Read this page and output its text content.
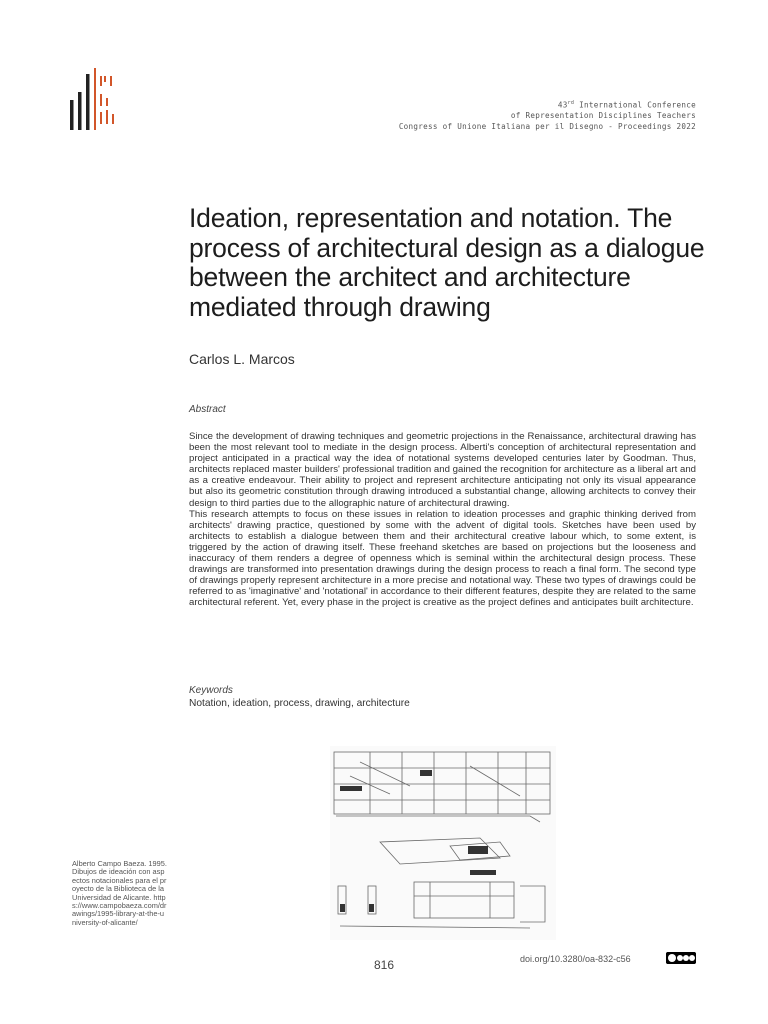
43rd International Conference
of Representation Disciplines Teachers
Congress of Unione Italiana per il Disegno - Proceedings 2022
Ideation, representation and notation. The process of architectural design as a dialogue between the architect and architecture mediated through drawing
Carlos L. Marcos
Abstract

Since the development of drawing techniques and geometric projections in the Renaissance, architectural drawing has been the most relevant tool to mediate in the design process. Alberti's conception of architectural representation and project anticipated in a practical way the idea of notational systems developed centuries later by Goodman. Thus, architects replaced master builders' professional tradition and gained the recognition for architecture as a liberal art and as a creative endeavour. Their ability to project and represent architecture anticipating not only its visual appearance but also its geometric constitution through drawing introduced a substantial change, allowing architects to convey their design to third parties due to the allographic nature of architectural drawing.

This research attempts to focus on these issues in relation to ideation processes and graphic thinking derived from architects' drawing practice, questioned by some with the advent of digital tools. Sketches have been used by architects to establish a dialogue between them and their architectural creative labour which, to some extent, is triggered by the action of drawing itself. These freehand sketches are based on projections but the looseness and inaccuracy of them renders a degree of openness which is seminal within the architectural design process. These drawings are transformed into presentation drawings during the design process to reach a final form. The second type of drawings properly represent architecture in a more precise and notational way. These two types of drawings could be referred to as 'imaginative' and 'notational' in accordance to their different features, despite they are related to the same architectural referent. Yet, every phase in the project is creative as the project defines and anticipates built architecture.

Keywords
Notation, ideation, process, drawing, architecture
Alberto Campo Baeza. 1995. Dibujos de ideación con aspectos notacionales para el proyecto de la Biblioteca de la Universidad de Alicante. https://www.campobaeza.com/drawings/1995-library-at-the-university-of-alicante/
816	doi.org/10.3280/oa-832-c56
